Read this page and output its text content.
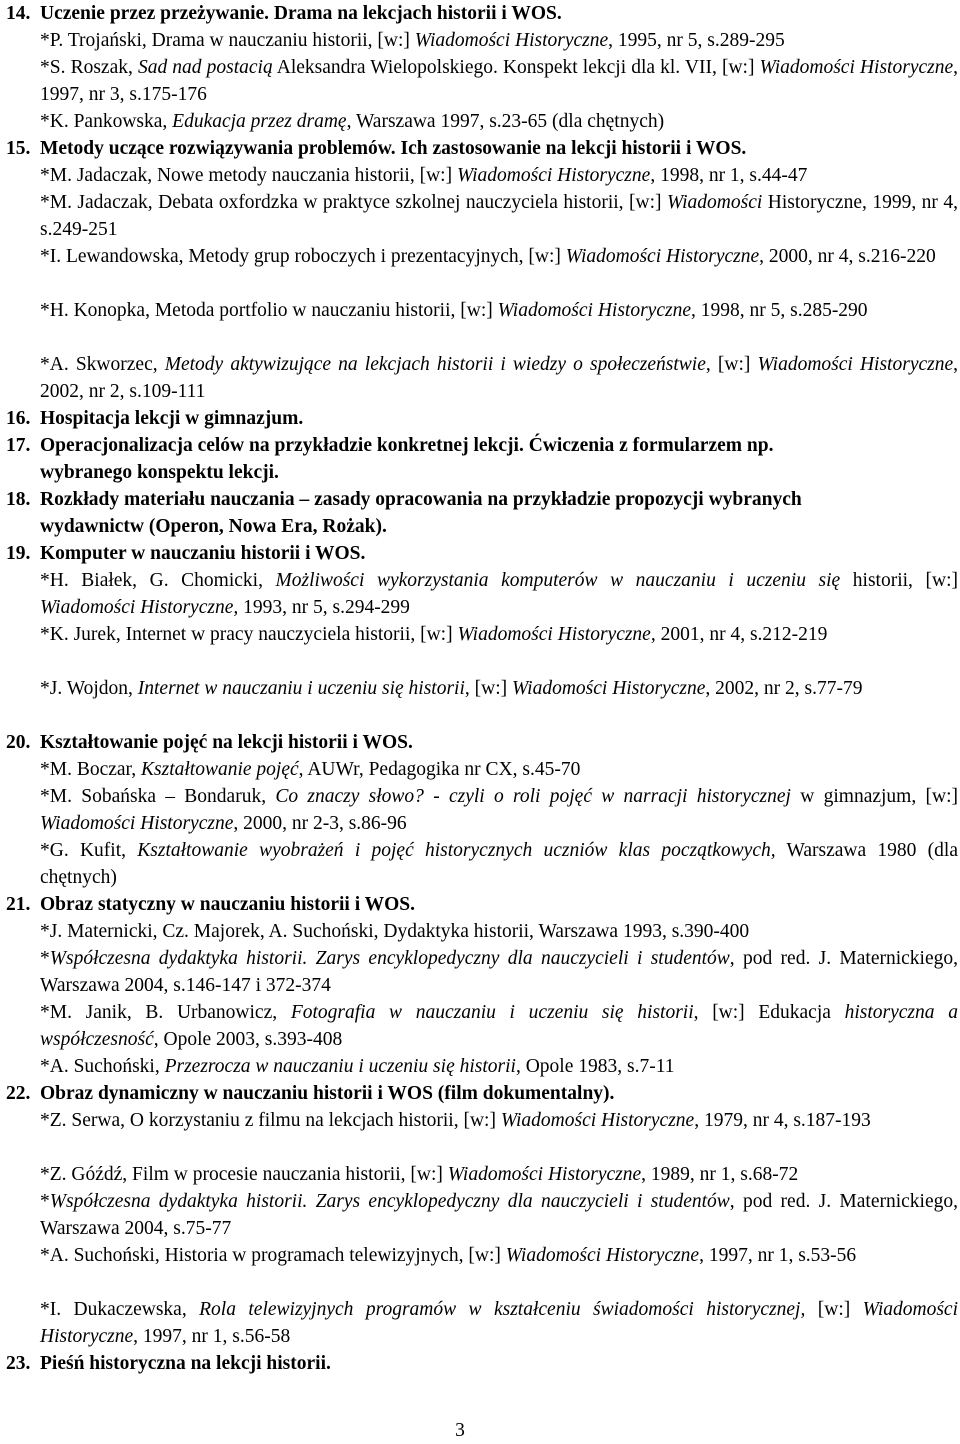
14. Uczenie przez przeżywanie. Drama na lekcjach historii i WOS.

*P. Trojański, Drama w nauczaniu historii, [w:] Wiadomości Historyczne, 1995, nr 5, s.289-295

*S. Roszak, Sad nad postacią Aleksandra Wielopolskiego. Konspekt lekcji dla kl. VII, [w:] Wiadomości Historyczne, 1997, nr 3, s.175-176

*K. Pankowska, Edukacja przez dramę, Warszawa 1997, s.23-65 (dla chętnych)

15. Metody uczące rozwiązywania problemów. Ich zastosowanie na lekcji historii i WOS.

*M. Jadaczak, Nowe metody nauczania historii, [w:] Wiadomości Historyczne, 1998, nr 1, s.44-47

*M. Jadaczak, Debata oxfordzka w praktyce szkolnej nauczyciela historii, [w:] Wiadomości Historyczne, 1999, nr 4, s.249-251

*I. Lewandowska, Metody grup roboczych i prezentacyjnych, [w:] Wiadomości Historyczne, 2000, nr 4, s.216-220

*H. Konopka, Metoda portfolio w nauczaniu historii, [w:] Wiadomości Historyczne, 1998, nr 5, s.285-290

*A. Skworzec, Metody aktywizujące na lekcjach historii i wiedzy o społeczeństwie, [w:] Wiadomości Historyczne, 2002, nr 2, s.109-111

16. Hospitacja lekcji w gimnazjum.

17. Operacjonalizacja celów na przykładzie konkretnej lekcji. Ćwiczenia z formularzem np.
wybranego konspektu lekcji.

18. Rozkłady materiału nauczania – zasady opracowania na przykładzie propozycji wybranych
wydawnictw (Operon, Nowa Era, Rożak).

19. Komputer w nauczaniu historii i WOS.

*H. Białek, G. Chomicki, Możliwości wykorzystania komputerów w nauczaniu i uczeniu się historii, [w:] Wiadomości Historyczne, 1993, nr 5, s.294-299

*K. Jurek, Internet w pracy nauczyciela historii, [w:] Wiadomości Historyczne, 2001, nr 4, s.212-219

*J. Wojdon, Internet w nauczaniu i uczeniu się historii, [w:] Wiadomości Historyczne, 2002, nr 2, s.77-79

20. Kształtowanie pojęć na lekcji historii i WOS.

*M. Boczar, Kształtowanie pojęć, AUWr, Pedagogika nr CX, s.45-70

*M. Sobańska – Bondaruk, Co znaczy słowo? - czyli o roli pojęć w narracji historycznej w gimnazjum, [w:] Wiadomości Historyczne, 2000, nr 2-3, s.86-96

*G. Kufit, Kształtowanie wyobrażeń i pojęć historycznych uczniów klas początkowych, Warszawa 1980 (dla chętnych)

21. Obraz statyczny w nauczaniu historii i WOS.

*J. Maternicki, Cz. Majorek, A. Suchoński, Dydaktyka historii, Warszawa 1993, s.390-400

*Współczesna dydaktyka historii. Zarys encyklopedyczny dla nauczycieli i studentów, pod red. J. Maternickiego, Warszawa 2004, s.146-147 i 372-374

*M. Janik, B. Urbanowicz, Fotografia w nauczaniu i uczeniu się historii, [w:] Edukacja historyczna a współczesność, Opole 2003, s.393-408

*A. Suchoński, Przezrocza w nauczaniu i uczeniu się historii, Opole 1983, s.7-11

22. Obraz dynamiczny w nauczaniu historii i WOS (film dokumentalny).

*Z. Serwa, O korzystaniu z filmu na lekcjach historii, [w:] Wiadomości Historyczne, 1979, nr 4, s.187-193

*Z. Góźdź, Film w procesie nauczania historii, [w:] Wiadomości Historyczne, 1989, nr 1, s.68-72

*Współczesna dydaktyka historii. Zarys encyklopedyczny dla nauczycieli i studentów, pod red. J. Maternickiego, Warszawa 2004, s.75-77

*A. Suchoński, Historia w programach telewizyjnych, [w:] Wiadomości Historyczne, 1997, nr 1, s.53-56

*I. Dukaczewska, Rola telewizyjnych programów w kształceniu świadomości historycznej, [w:] Wiadomości Historyczne, 1997, nr 1, s.56-58

23. Pieśń historyczna na lekcji historii.

3
